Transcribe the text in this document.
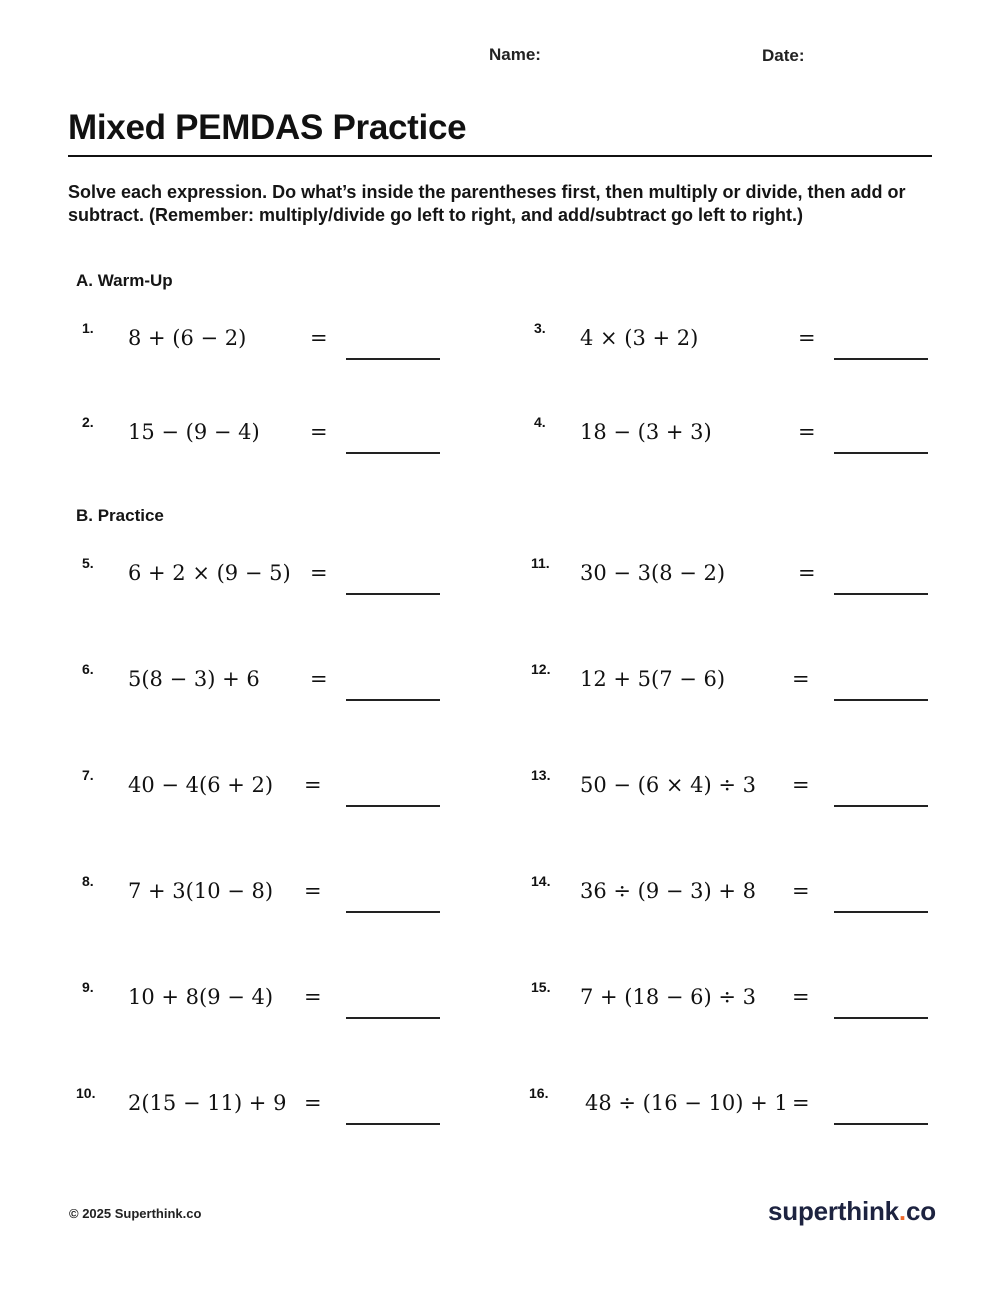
Name:	Date:
Mixed PEMDAS Practice
Solve each expression. Do what’s inside the parentheses first, then multiply or divide, then add or subtract. (Remember: multiply/divide go left to right, and add/subtract go left to right.)
A. Warm-Up
1. 8 + (6 − 2)	=
2. 15 − (9 − 4) =
3. 4 × (3 + 2)	=
4. 18 − (3 + 3)	=
B. Practice
5. 6 + 2 × (9 − 5) =
6. 5(8 − 3) + 6 =
7. 40 − 4(6 + 2) =
8. 7 + 3(10 − 8) =
9. 10 + 8(9 − 4) =
10. 2(15 − 11) + 9 =
11. 30 − 3(8 − 2)	=
12. 12 + 5(7 − 6)	=
13. 50 − (6 × 4) ÷ 3 =
14. 36 ÷ (9 − 3) + 8 =
15. 7 + (18 − 6) ÷ 3 =
16. 48 ÷ (16 − 10) + 1 =
© 2025 Superthink.co	superthink.co
